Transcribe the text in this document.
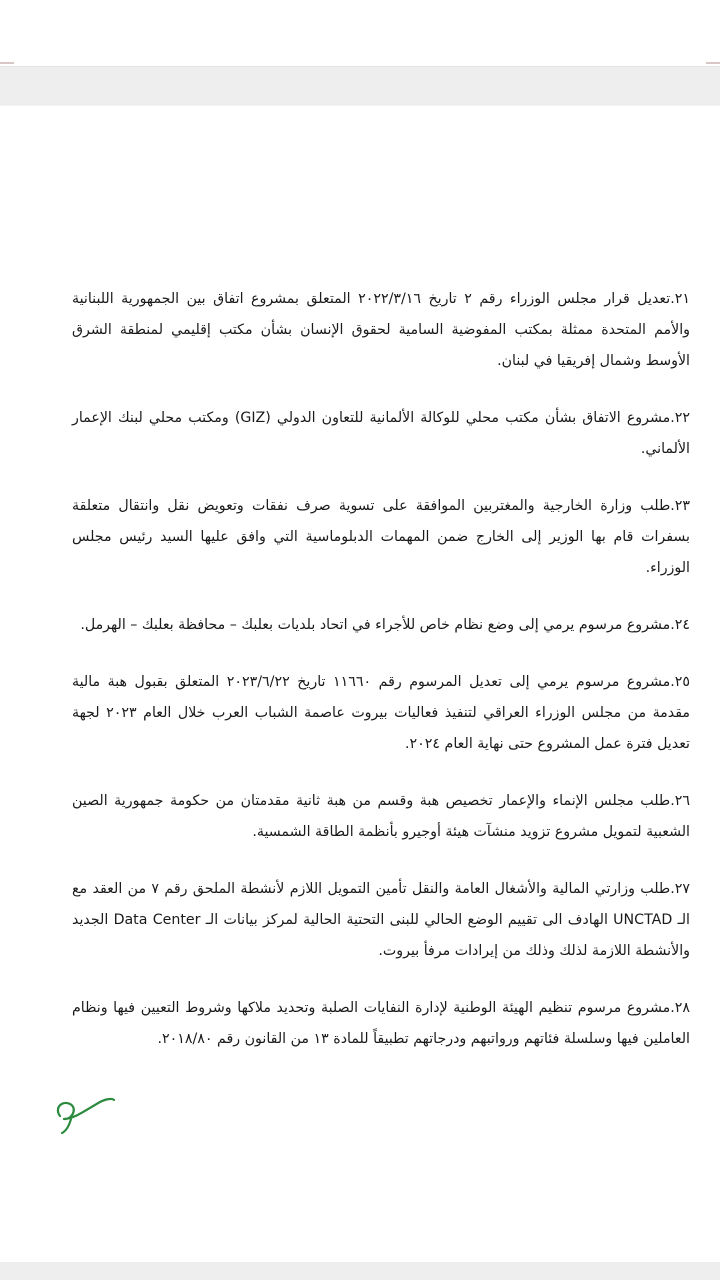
٢١.تعديل قرار مجلس الوزراء رقم ٢ تاريخ ٢٠٢٢/٣/١٦ المتعلق بمشروع اتفاق بين الجمهورية اللبنانية والأمم المتحدة ممثلة بمكتب المفوضية السامية لحقوق الإنسان بشأن مكتب إقليمي لمنطقة الشرق الأوسط وشمال إفريقيا في لبنان.

٢٢.مشروع الاتفاق بشأن مكتب محلي للوكالة الألمانية للتعاون الدولي (GIZ) ومكتب محلي لبنك الإعمار الألماني.

٢٣.طلب وزارة الخارجية والمغتربين الموافقة على تسوية صرف نفقات وتعويض نقل وانتقال متعلقة بسفرات قام بها الوزير إلى الخارج ضمن المهمات الدبلوماسية التي وافق عليها السيد رئيس مجلس الوزراء.

٢٤.مشروع مرسوم يرمي إلى وضع نظام خاص للأجراء في اتحاد بلديات بعلبك – محافظة بعلبك – الهرمل.

٢٥.مشروع مرسوم يرمي إلى تعديل المرسوم رقم ١١٦٦٠ تاريخ ٢٠٢٣/٦/٢٢ المتعلق بقبول هبة مالية مقدمة من مجلس الوزراء العراقي لتنفيذ فعاليات بيروت عاصمة الشباب العرب خلال العام ٢٠٢٣ لجهة تعديل فترة عمل المشروع حتى نهاية العام ٢٠٢٤.

٢٦.طلب مجلس الإنماء والإعمار تخصيص هبة وقسم من هبة ثانية مقدمتان من حكومة جمهورية الصين الشعبية لتمويل مشروع تزويد منشآت هيئة أوجيرو بأنظمة الطاقة الشمسية.

٢٧.طلب وزارتي المالية والأشغال العامة والنقل تأمين التمويل اللازم لأنشطة الملحق رقم ٧ من العقد مع الـ UNCTAD الهادف الى تقييم الوضع الحالي للبنى التحتية الحالية لمركز بيانات الـ Data Center الجديد والأنشطة اللازمة لذلك وذلك من إيرادات مرفأ بيروت.

٢٨.مشروع مرسوم تنظيم الهيئة الوطنية لإدارة النفايات الصلبة وتحديد ملاكها وشروط التعيين فيها ونظام العاملين فيها وسلسلة فئاتهم ورواتبهم ودرجاتهم تطبيقاً للمادة ١٣ من القانون رقم ٢٠١٨/٨٠.
